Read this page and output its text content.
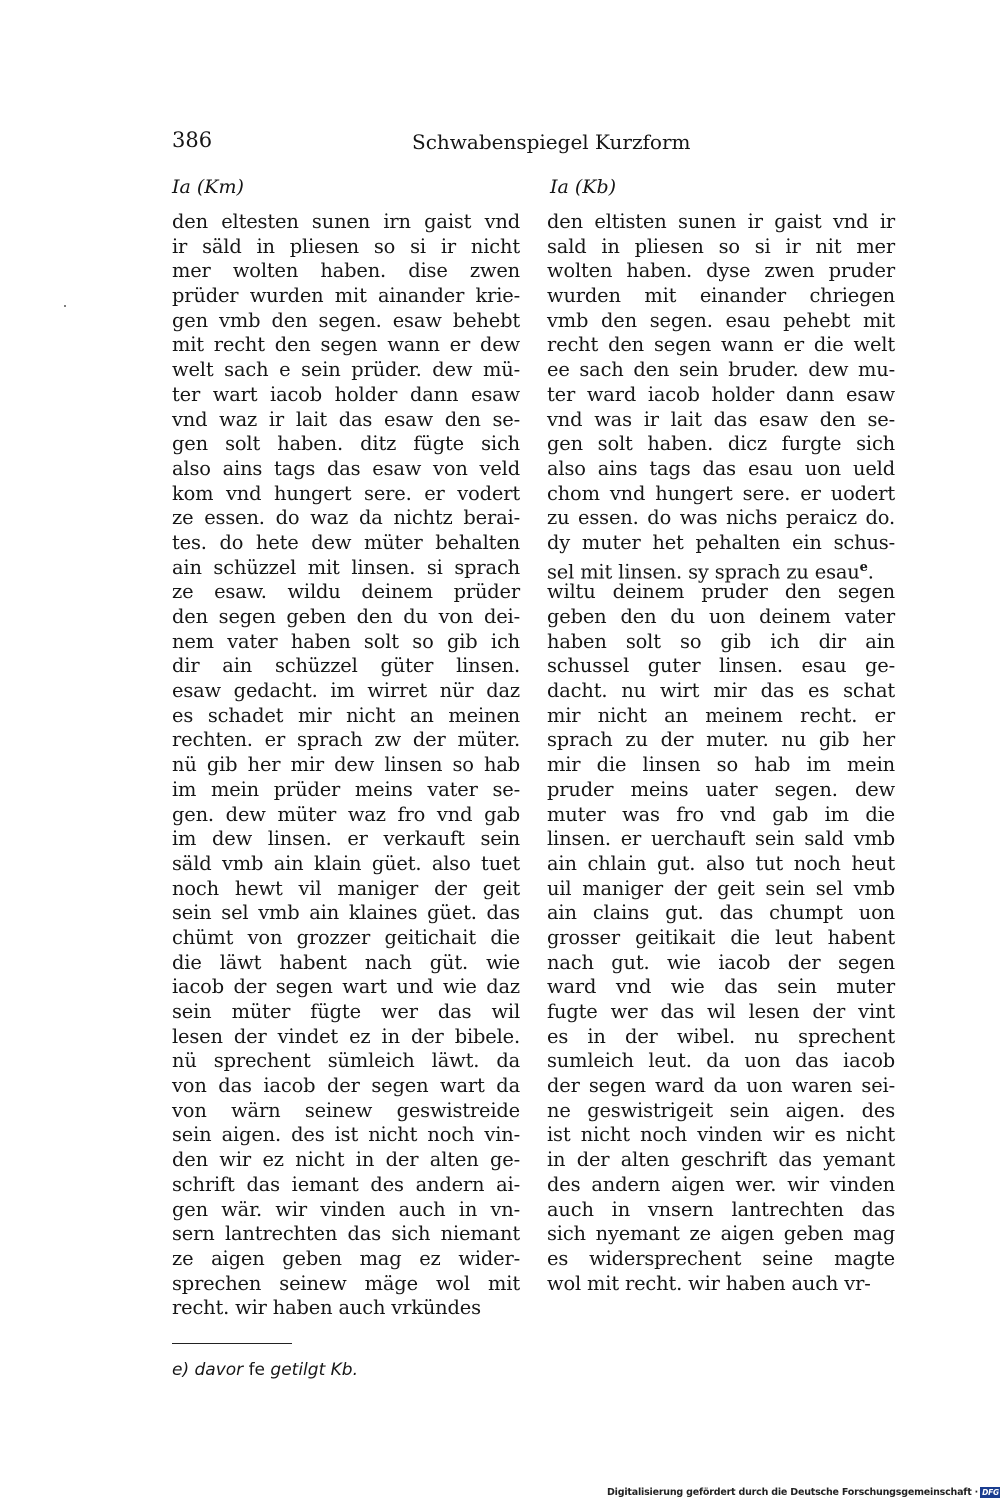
386	Schwabenspiegel Kurzform
Ia (Km)	Ia (Kb)
den eltesten sunen irn gaist vnd
ir säld in pliesen so si ir nicht
mer wolten haben. dise zwen
prüder wurden mit ainander krie-
gen vmb den segen. esaw behebt
mit recht den segen wann er dew
welt sach e sein prüder. dew mü-
ter wart iacob holder dann esaw
vnd waz ir lait das esaw den se-
gen solt haben. ditz fügte sich
also ains tags das esaw von veld
kom vnd hungert sere. er vodert
ze essen. do waz da nichtz berai-
tes. do hete dew müter behalten
ain schüzzel mit linsen. si sprach
ze esaw. wildu deinem prüder
den segen geben den du von dei-
nem vater haben solt so gib ich
dir ain schüzzel güter linsen.
esaw gedacht. im wirret nür daz
es schadet mir nicht an meinen
rechten. er sprach zw der müter.
nü gib her mir dew linsen so hab
im mein prüder meins vater se-
gen. dew müter waz fro vnd gab
im dew linsen. er verkauft sein
säld vmb ain klain güet. also tuet
noch hewt vil maniger der geit
sein sel vmb ain klaines güet. das
chümt von grozzer geitichait die
die läwt habent nach güt. wie
iacob der segen wart und wie daz
sein müter fügte wer das wil
lesen der vindet ez in der bibele.
nü sprechent sümleich läwt. da
von das iacob der segen wart da
von wärn seinew geswistreide
sein aigen. des ist nicht noch vin-
den wir ez nicht in der alten ge-
schrift das iemant des andern ai-
gen wär. wir vinden auch in vn-
sern lantrechten das sich niemant
ze aigen geben mag ez wider-
sprechen seinew mäge wol mit
recht. wir haben auch vrkündes
den eltisten sunen ir gaist vnd ir
sald in pliesen so si ir nit mer
wolten haben. dyse zwen pruder
wurden mit einander chriegen
vmb den segen. esau pehebt mit
recht den segen wann er die welt
ee sach den sein bruder. dew mu-
ter ward iacob holder dann esaw
vnd was ir lait das esaw den se-
gen solt haben. dicz furgte sich
also ains tags das esau uon ueld
chom vnd hungert sere. er uodert
zu essen. do was nichs peraicz do.
dy muter het pehalten ein schus-
sel mit linsen. sy sprach zu esau$^e$.
wiltu deinem pruder den segen
geben den du uon deinem vater
haben solt so gib ich dir ain
schussel guter linsen. esau ge-
dacht. nu wirt mir das es schat
mir nicht an meinem recht. er
sprach zu der muter. nu gib her
mir die linsen so hab im mein
pruder meins uater segen. dew
muter was fro vnd gab im die
linsen. er uerchauft sein sald vmb
ain chlain gut. also tut noch heut
uil maniger der geit sein sel vmb
ain clains gut. das chumpt uon
grosser geitikait die leut habent
nach gut. wie iacob der segen
ward vnd wie das sein muter
fugte wer das wil lesen der vint
es in der wibel. nu sprechent
sumleich leut. da uon das iacob
der segen ward da uon waren sei-
ne geswistrigeit sein aigen. des
ist nicht noch vinden wir es nicht
in der alten geschrift das yemant
des andern aigen wer. wir vinden
auch in vnsern lantrechten das
sich nyemant ze aigen geben mag
es widersprechent seine magte
wol mit recht. wir haben auch vr-
e) davor fe getilgt Kb.
Digitalisierung gefördert durch die Deutsche Forschungsgemeinschaft · DFG
